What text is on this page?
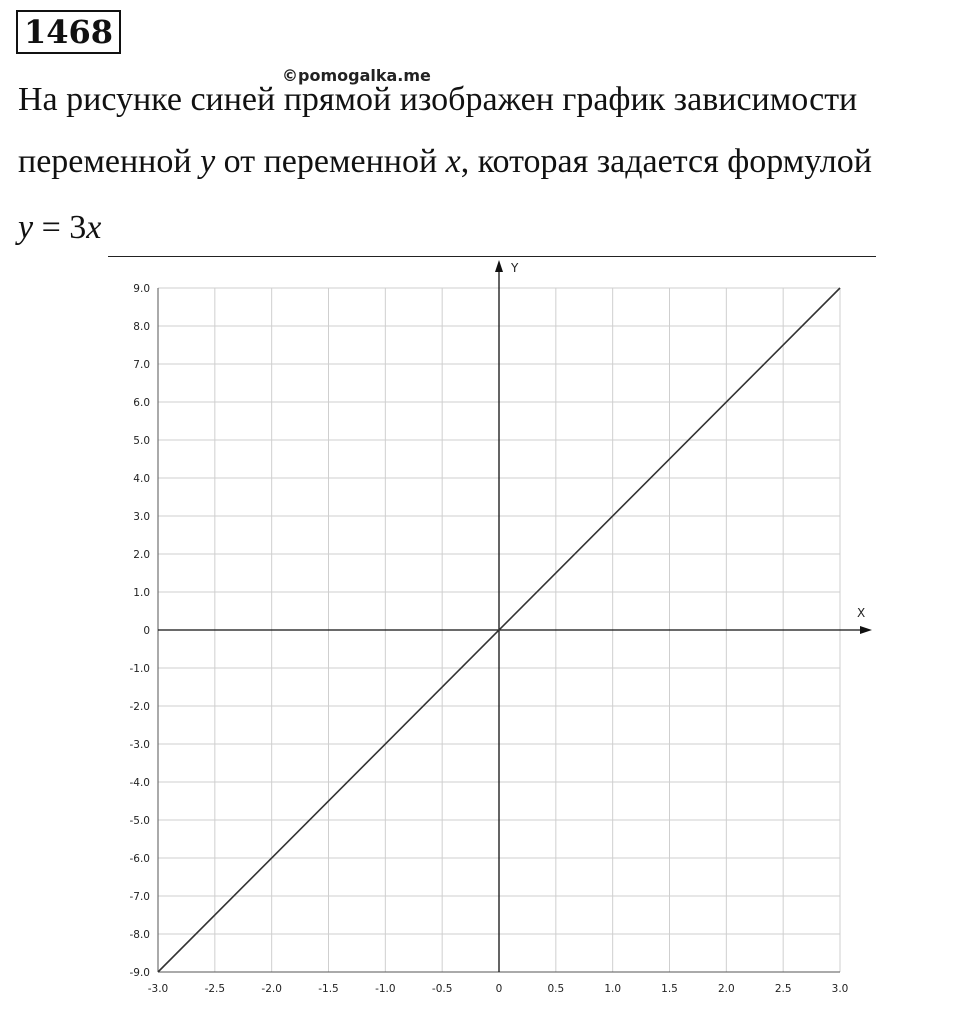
1468
©pomogalka.me
На рисунке синей прямой изображен график зависимости
переменной y от переменной x, которая задается формулой
y = 3x
X
Y
-3.0	-2.5	-2.0	-1.5	-1.0	-0.5	0	0.5	1.0	1.5	2.0	2.5	3.0
9.0
8.0
7.0
6.0
5.0
4.0
3.0
2.0
1.0
0
-1.0
-2.0
-3.0
-4.0
-5.0
-6.0
-7.0
-8.0
-9.0
